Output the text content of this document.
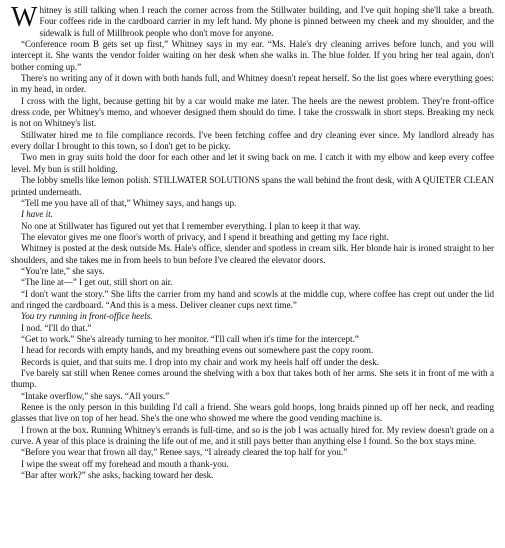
Whitney is still talking when I reach the corner across from the Stillwater building, and I've quit hoping she'll take a breath. Four coffees ride in the cardboard carrier in my left hand. My phone is pinned between my cheek and my shoulder, and the sidewalk is full of Millbrook people who don't move for anyone.

“Conference room B gets set up first,” Whitney says in my ear. “Ms. Hale's dry cleaning arrives before lunch, and you will intercept it. She wants the vendor folder waiting on her desk when she walks in. The blue folder. If you bring her teal again, don't bother coming up.”

There's no writing any of it down with both hands full, and Whitney doesn't repeat herself. So the list goes where everything goes: in my head, in order.

I cross with the light, because getting hit by a car would make me later. The heels are the newest problem. They're front-office dress code, per Whitney's memo, and whoever designed them should do time. I take the crosswalk in short steps. Breaking my neck is not on Whitney's list.

Stillwater hired me to file compliance records. I've been fetching coffee and dry cleaning ever since. My landlord already has every dollar I brought to this town, so I don't get to be picky.

Two men in gray suits hold the door for each other and let it swing back on me. I catch it with my elbow and keep every coffee level. My bun is still holding.

The lobby smells like lemon polish. STILLWATER SOLUTIONS spans the wall behind the front desk, with A QUIETER CLEAN printed underneath.

“Tell me you have all of that,” Whitney says, and hangs up.

I have it.

No one at Stillwater has figured out yet that I remember everything. I plan to keep it that way.

The elevator gives me one floor's worth of privacy, and I spend it breathing and getting my face right.

Whitney is posted at the desk outside Ms. Hale's office, slender and spotless in cream silk. Her blonde hair is ironed straight to her shoulders, and she takes me in from heels to bun before I've cleared the elevator doors.

“You're late,” she says.

“The line at—” I get out, still short on air.

“I don't want the story.” She lifts the carrier from my hand and scowls at the middle cup, where coffee has crept out under the lid and ringed the cardboard. “And this is a mess. Deliver cleaner cups next time.”

You try running in front-office heels.

I nod. “I'll do that.”

“Get to work.” She's already turning to her monitor. “I'll call when it's time for the intercept.”

I head for records with empty hands, and my breathing evens out somewhere past the copy room.

Records is quiet, and that suits me. I drop into my chair and work my heels half off under the desk.

I've barely sat still when Renee comes around the shelving with a box that takes both of her arms. She sets it in front of me with a thump.

“Intake overflow,” she says. “All yours.”

Renee is the only person in this building I'd call a friend. She wears gold hoops, long braids pinned up off her neck, and reading glasses that live on top of her head. She's the one who showed me where the good vending machine is.

I frown at the box. Running Whitney's errands is full-time, and so is the job I was actually hired for. My review doesn't grade on a curve. A year of this place is draining the life out of me, and it still pays better than anything else I found. So the box stays mine.

“Before you wear that frown all day,” Renee says, “I already cleared the top half for you.”

I wipe the sweat off my forehead and mouth a thank-you.

“Bar after work?” she asks, backing toward her desk.
